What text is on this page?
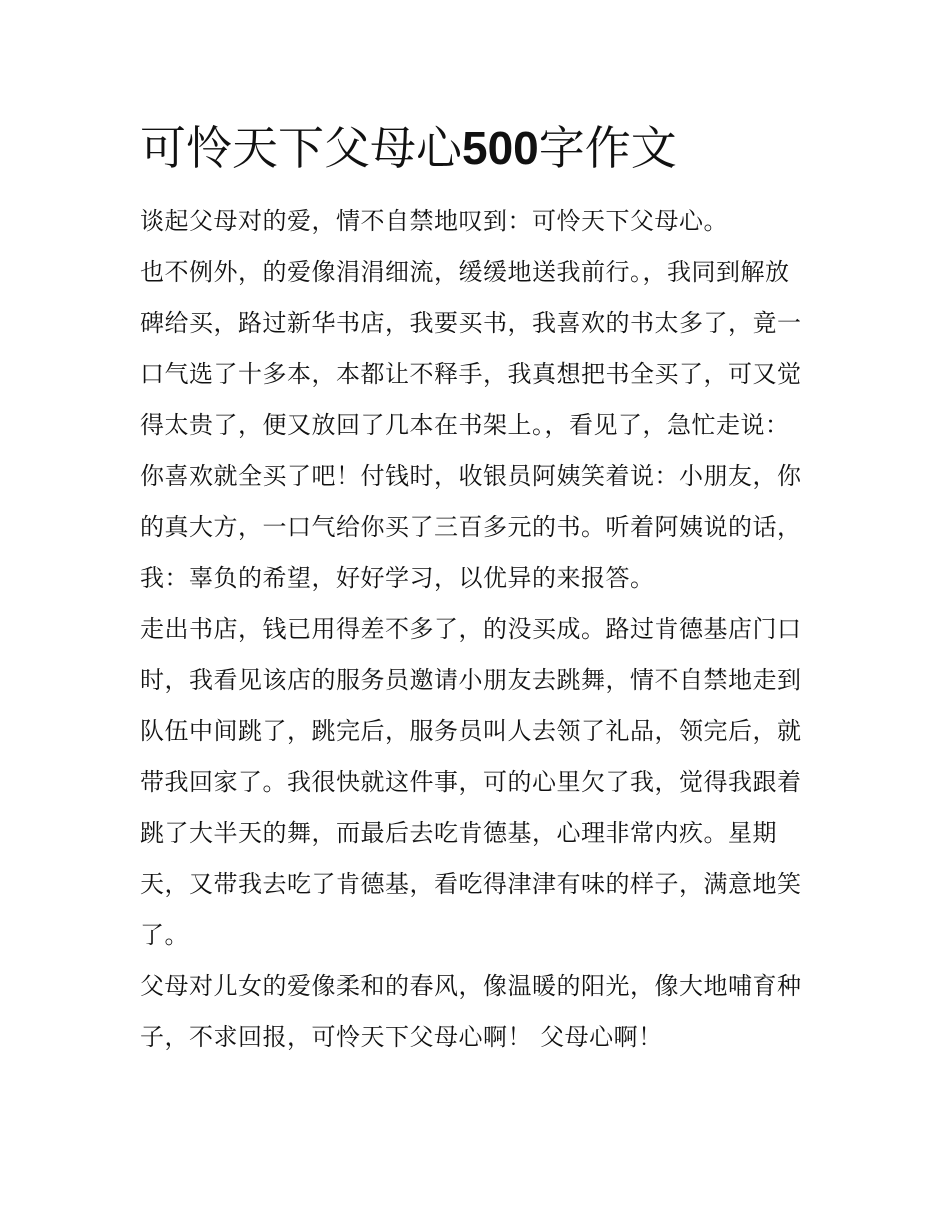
可怜天下父母心500字作文

谈起父母对的爱，情不自禁地叹到：可怜天下父母心。

也不例外，的爱像涓涓细流，缓缓地送我前行。，我同到解放
碑给买，路过新华书店，我要买书，我喜欢的书太多了，竟一
口气选了十多本，本都让不释手，我真想把书全买了，可又觉
得太贵了，便又放回了几本在书架上。，看见了，急忙走说：
你喜欢就全买了吧！付钱时，收银员阿姨笑着说：小朋友，你
的真大方，一口气给你买了三百多元的书。听着阿姨说的话，
我：辜负的希望，好好学习，以优异的来报答。

走出书店，钱已用得差不多了，的没买成。路过肯德基店门口
时，我看见该店的服务员邀请小朋友去跳舞，情不自禁地走到
队伍中间跳了，跳完后，服务员叫人去领了礼品，领完后，就
带我回家了。我很快就这件事，可的心里欠了我，觉得我跟着
跳了大半天的舞，而最后去吃肯德基，心理非常内疚。星期
天，又带我去吃了肯德基，看吃得津津有味的样子，满意地笑
了。

父母对儿女的爱像柔和的春风，像温暖的阳光，像大地哺育种
子，不求回报，可怜天下父母心啊！ 父母心啊！
